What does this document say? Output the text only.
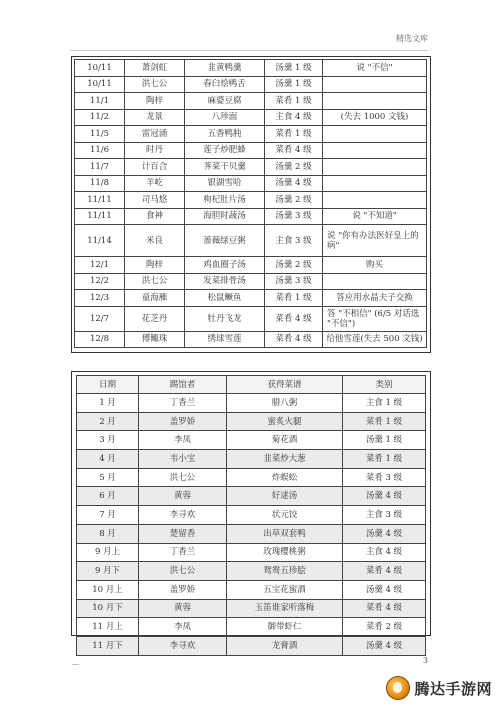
精选文库
10/11	萧剑虹	韭黄鸭羹	汤羹 1 级	说 "不信"
10/11	洪七公	春臼烩鸭舌	汤羹 1 级	
11/1	陶梓	麻婆豆腐	菜肴 1 级	
11/2	龙景	八珍面	主食 4 级	(失去 1000 文钱)
11/5	雷冠涌	五香鸭肫	菜肴 1 级	
11/6	时丹	莲子炒肥蜂	菜肴 4 级	
11/7	计百合	荠菜干贝羹	汤羹 2 级	
11/8	羊屹	银湖雪哈	汤羹 4 级	
11/11	司马悠	枸杞肚片汤	汤羹 2 级	
11/11	食神	海胆时蔬汤	汤羹 3 级	说 "不知道"
11/14	米良	蔷薇绿豆粥	主食 3 级	说 "你有办法医好皇上的病"
12/1	陶梓	鸡血圈子汤	汤羹 2 级	购买
12/2	洪七公	发菜排骨汤	汤羹 3 级	
12/3	童海雁	松鼠鳜鱼	菜肴 1 级	答应用水晶夫子交换
12/7	花芝丹	牡丹飞龙	菜肴 4 级	答 "不相信" (6/5 对话选 "不信")
12/8	傅鲰珠	绣球雪莲	菜肴 4 级	给他雪莲(失去 500 文钱)
日期	踢馆者	获得菜谱	类别
1 月	丁香兰	腊八粥	主食 1 级
2 月	盖罗娇	蜜炙火腿	菜肴 1 级
3 月	李凤	菊花酒	汤羹 1 级
4 月	韦小宝	韭菜炒大葱	菜肴 1 级
5 月	洪七公	炸蜈蚣	菜肴 3 级
6 月	黄蓉	好逑汤	汤羹 4 级
7 月	李寻欢	状元饺	主食 3 级
8 月	楚留香	出草双套鸭	汤羹 4 级
9 月上	丁香兰	玫瑰樱桃粥	主食 4 级
9 月下	洪七公	鸳鸯五珍脍	菜肴 4 级
10 月上	盖罗娇	五宝花蜜酒	汤羹 4 级
10 月下	黄蓉	玉笛谁家听落梅	菜肴 4 级
11 月上	李凤	御带虾仁	菜肴 2 级
11 月下	李寻欢	龙膏酒	汤羹 4 级
—	3
腾达手游网
